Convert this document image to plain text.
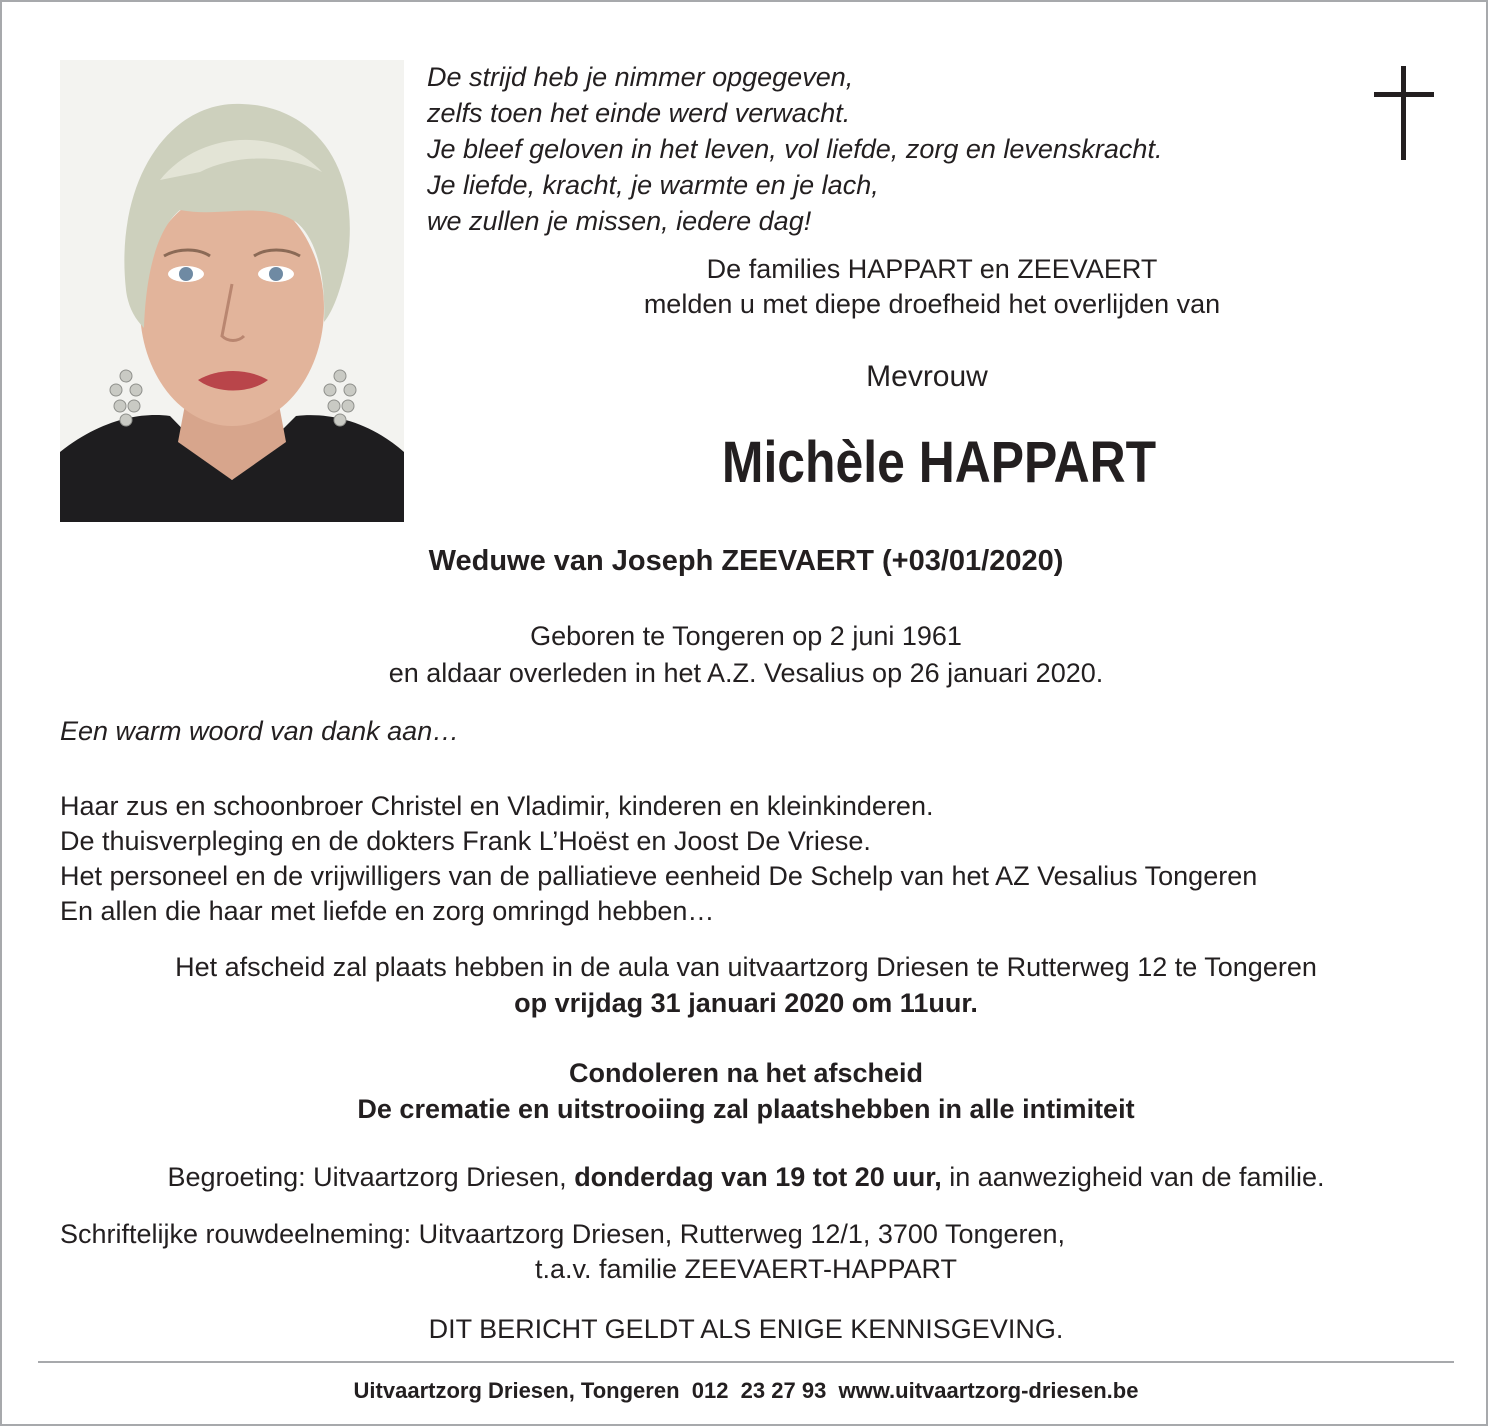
De strijd heb je nimmer opgegeven,
zelfs toen het einde werd verwacht.
Je bleef geloven in het leven, vol liefde, zorg en levenskracht.
Je liefde, kracht, je warmte en je lach,
we zullen je missen, iedere dag!
De families HAPPART en ZEEVAERT
melden u met diepe droefheid het overlijden van
Mevrouw
Michèle HAPPART
Weduwe van Joseph ZEEVAERT (+03/01/2020)
Geboren te Tongeren op 2 juni 1961
en aldaar overleden in het A.Z. Vesalius op 26 januari 2020.
Een warm woord van dank aan…
Haar zus en schoonbroer Christel en Vladimir, kinderen en kleinkinderen.
De thuisverpleging en de dokters Frank L’Hoëst en Joost De Vriese.
Het personeel en de vrijwilligers van de palliatieve eenheid De Schelp van het AZ Vesalius Tongeren
En allen die haar met liefde en zorg omringd hebben…
Het afscheid zal plaats hebben in de aula van uitvaartzorg Driesen te Rutterweg 12 te Tongeren
op vrijdag 31 januari 2020 om 11uur.
Condoleren na het afscheid
De crematie en uitstrooiing zal plaatshebben in alle intimiteit
Begroeting: Uitvaartzorg Driesen, donderdag van 19 tot 20 uur, in aanwezigheid van de familie.
Schriftelijke rouwdeelneming: Uitvaartzorg Driesen, Rutterweg 12/1, 3700 Tongeren,
t.a.v. familie ZEEVAERT-HAPPART
DIT BERICHT GELDT ALS ENIGE KENNISGEVING.
Uitvaartzorg Driesen, Tongeren  012  23 27 93  www.uitvaartzorg-driesen.be
